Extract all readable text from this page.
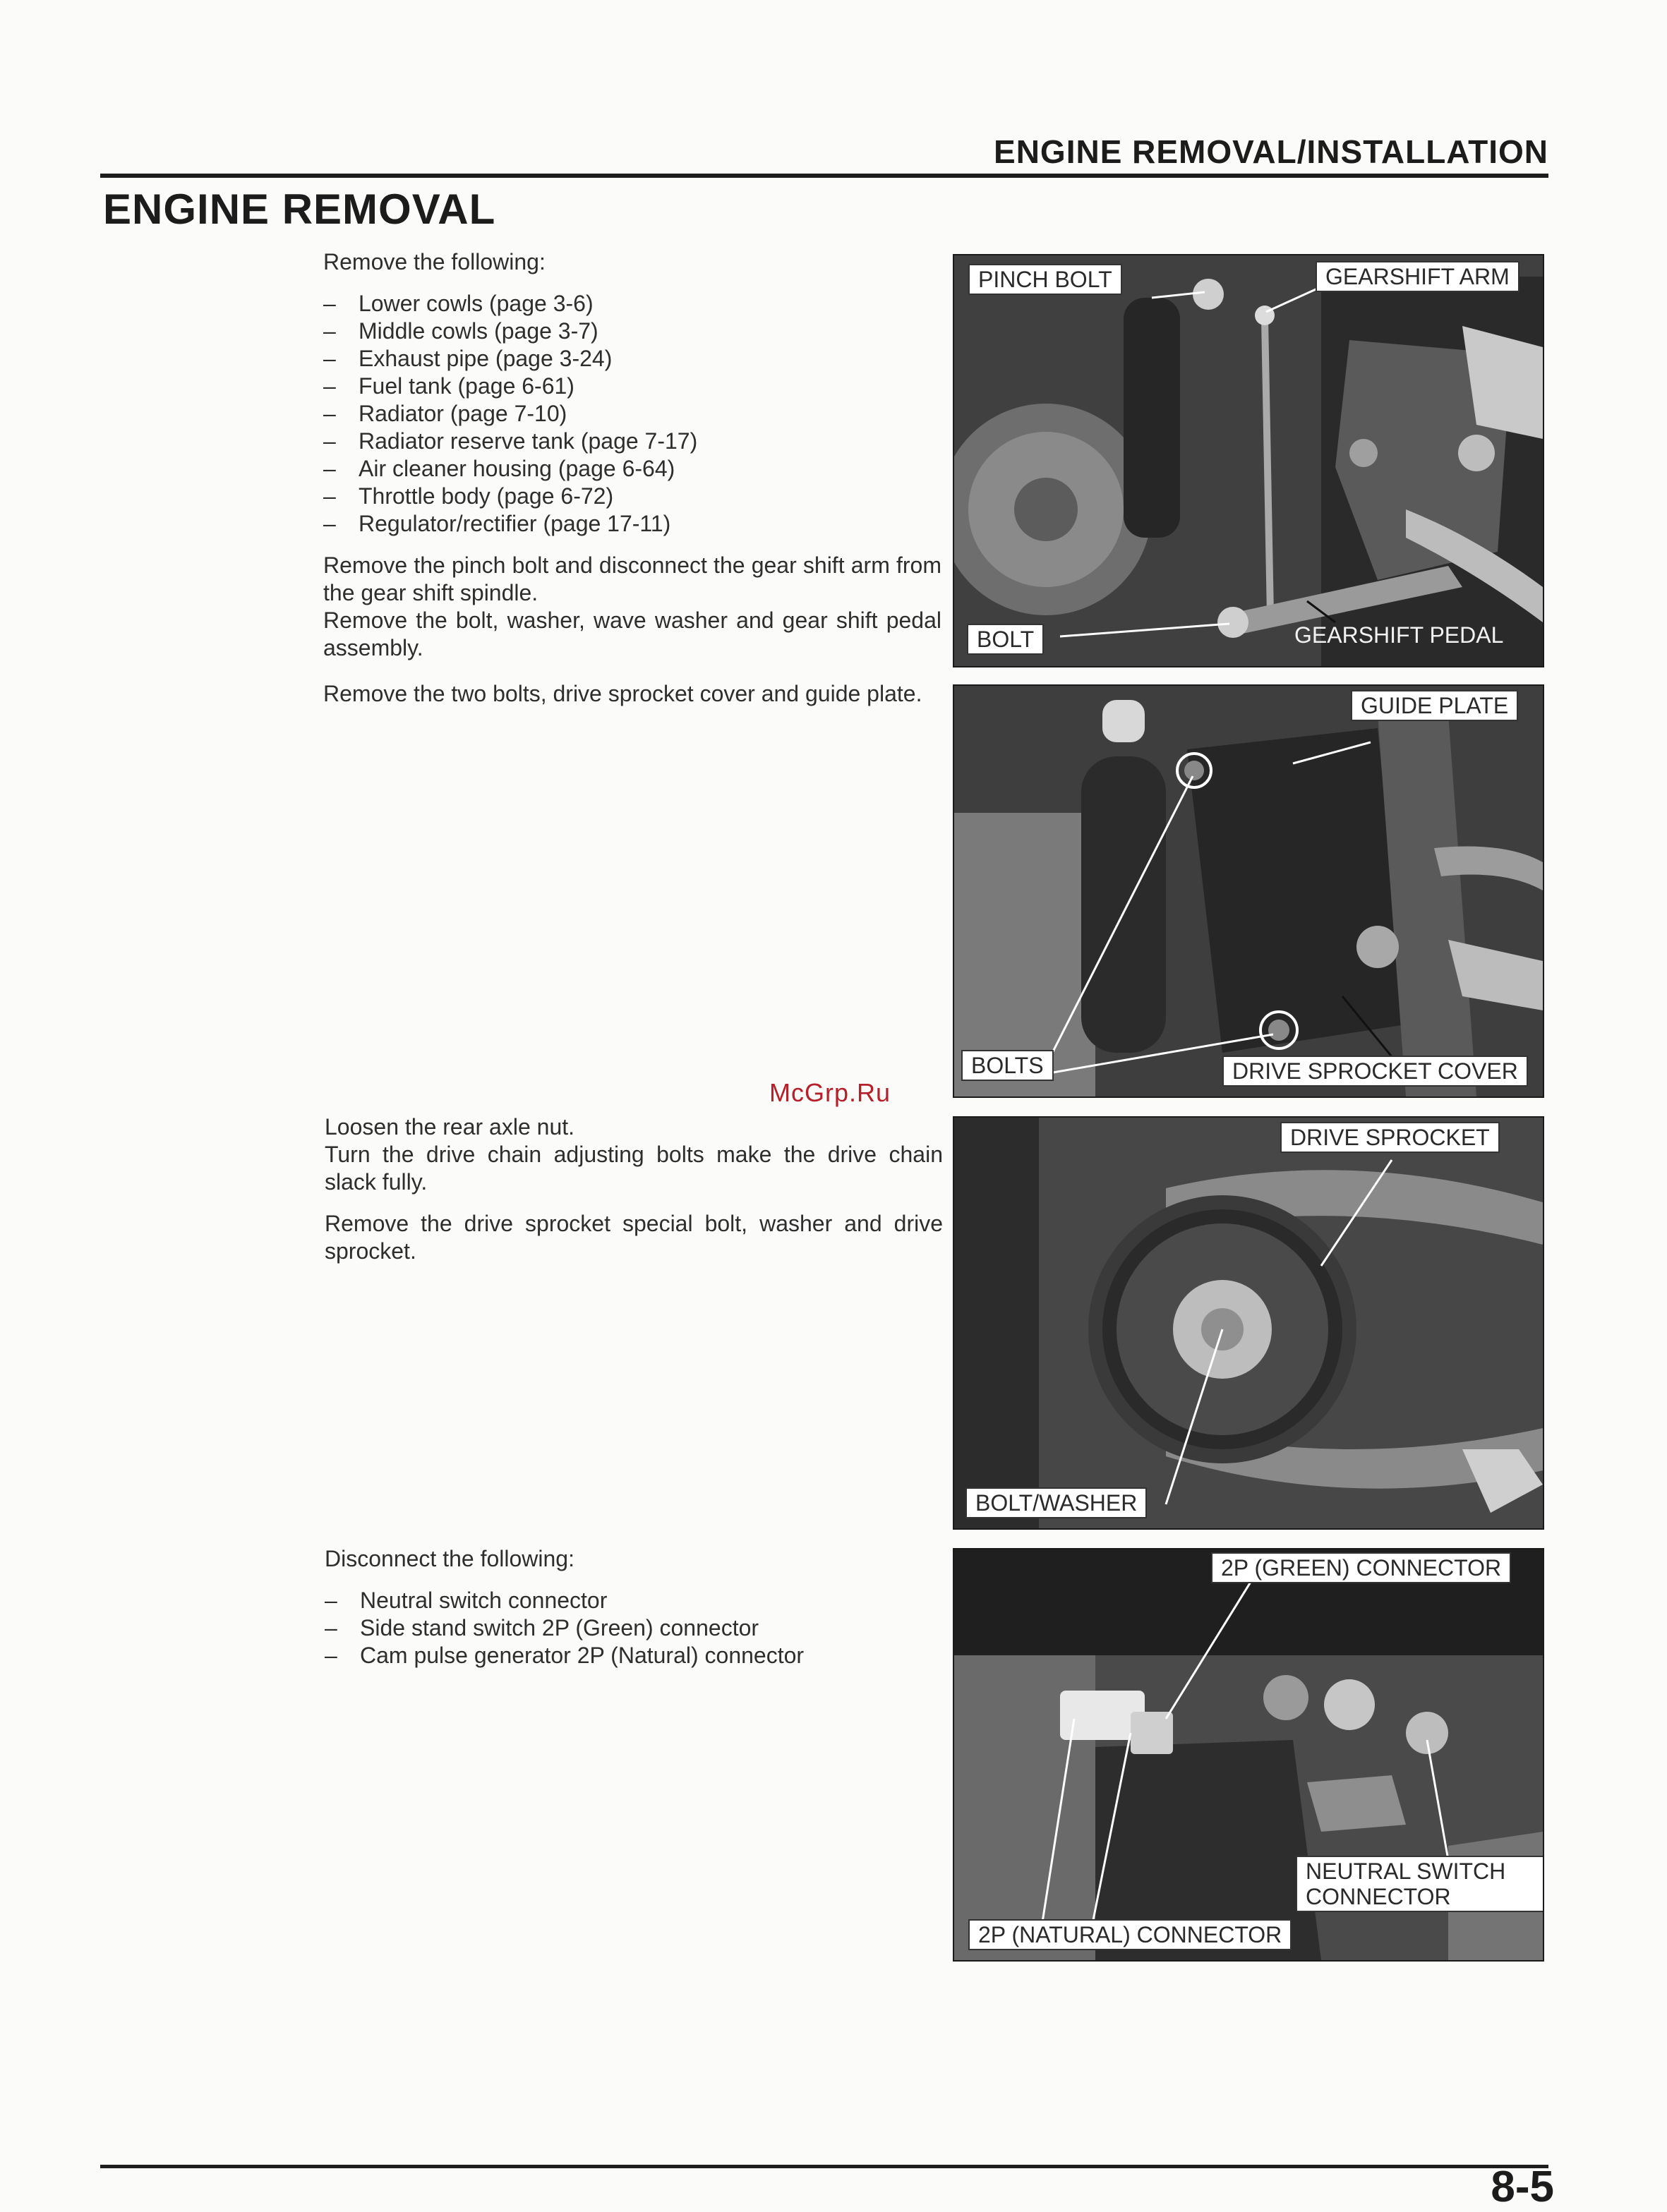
ENGINE REMOVAL/INSTALLATION
ENGINE REMOVAL

Remove the following:

– Lower cowls (page 3-6)
– Middle cowls (page 3-7)
– Exhaust pipe (page 3-24)
– Fuel tank (page 6-61)
– Radiator (page 7-10)
– Radiator reserve tank (page 7-17)
– Air cleaner housing (page 6-64)
– Throttle body (page 6-72)
– Regulator/rectifier (page 17-11)

Remove the pinch bolt and disconnect the gear shift arm from the gear shift spindle.

Remove the bolt, washer, wave washer and gear shift pedal assembly.

Remove the two bolts, drive sprocket cover and guide plate.

Loosen the rear axle nut.

Turn the drive chain adjusting bolts make the drive chain slack fully.

Remove the drive sprocket special bolt, washer and drive sprocket.

Disconnect the following:

– Neutral switch connector
– Side stand switch 2P (Green) connector
– Cam pulse generator 2P (Natural) connector
PINCH BOLT	GEARSHIFT ARM
BOLT	GEARSHIFT PEDAL
GUIDE PLATE
BOLTS	DRIVE SPROCKET COVER
DRIVE SPROCKET
BOLT/WASHER
2P (GREEN) CONNECTOR
NEUTRAL SWITCH CONNECTOR
2P (NATURAL) CONNECTOR
McGrp.Ru
8-5
